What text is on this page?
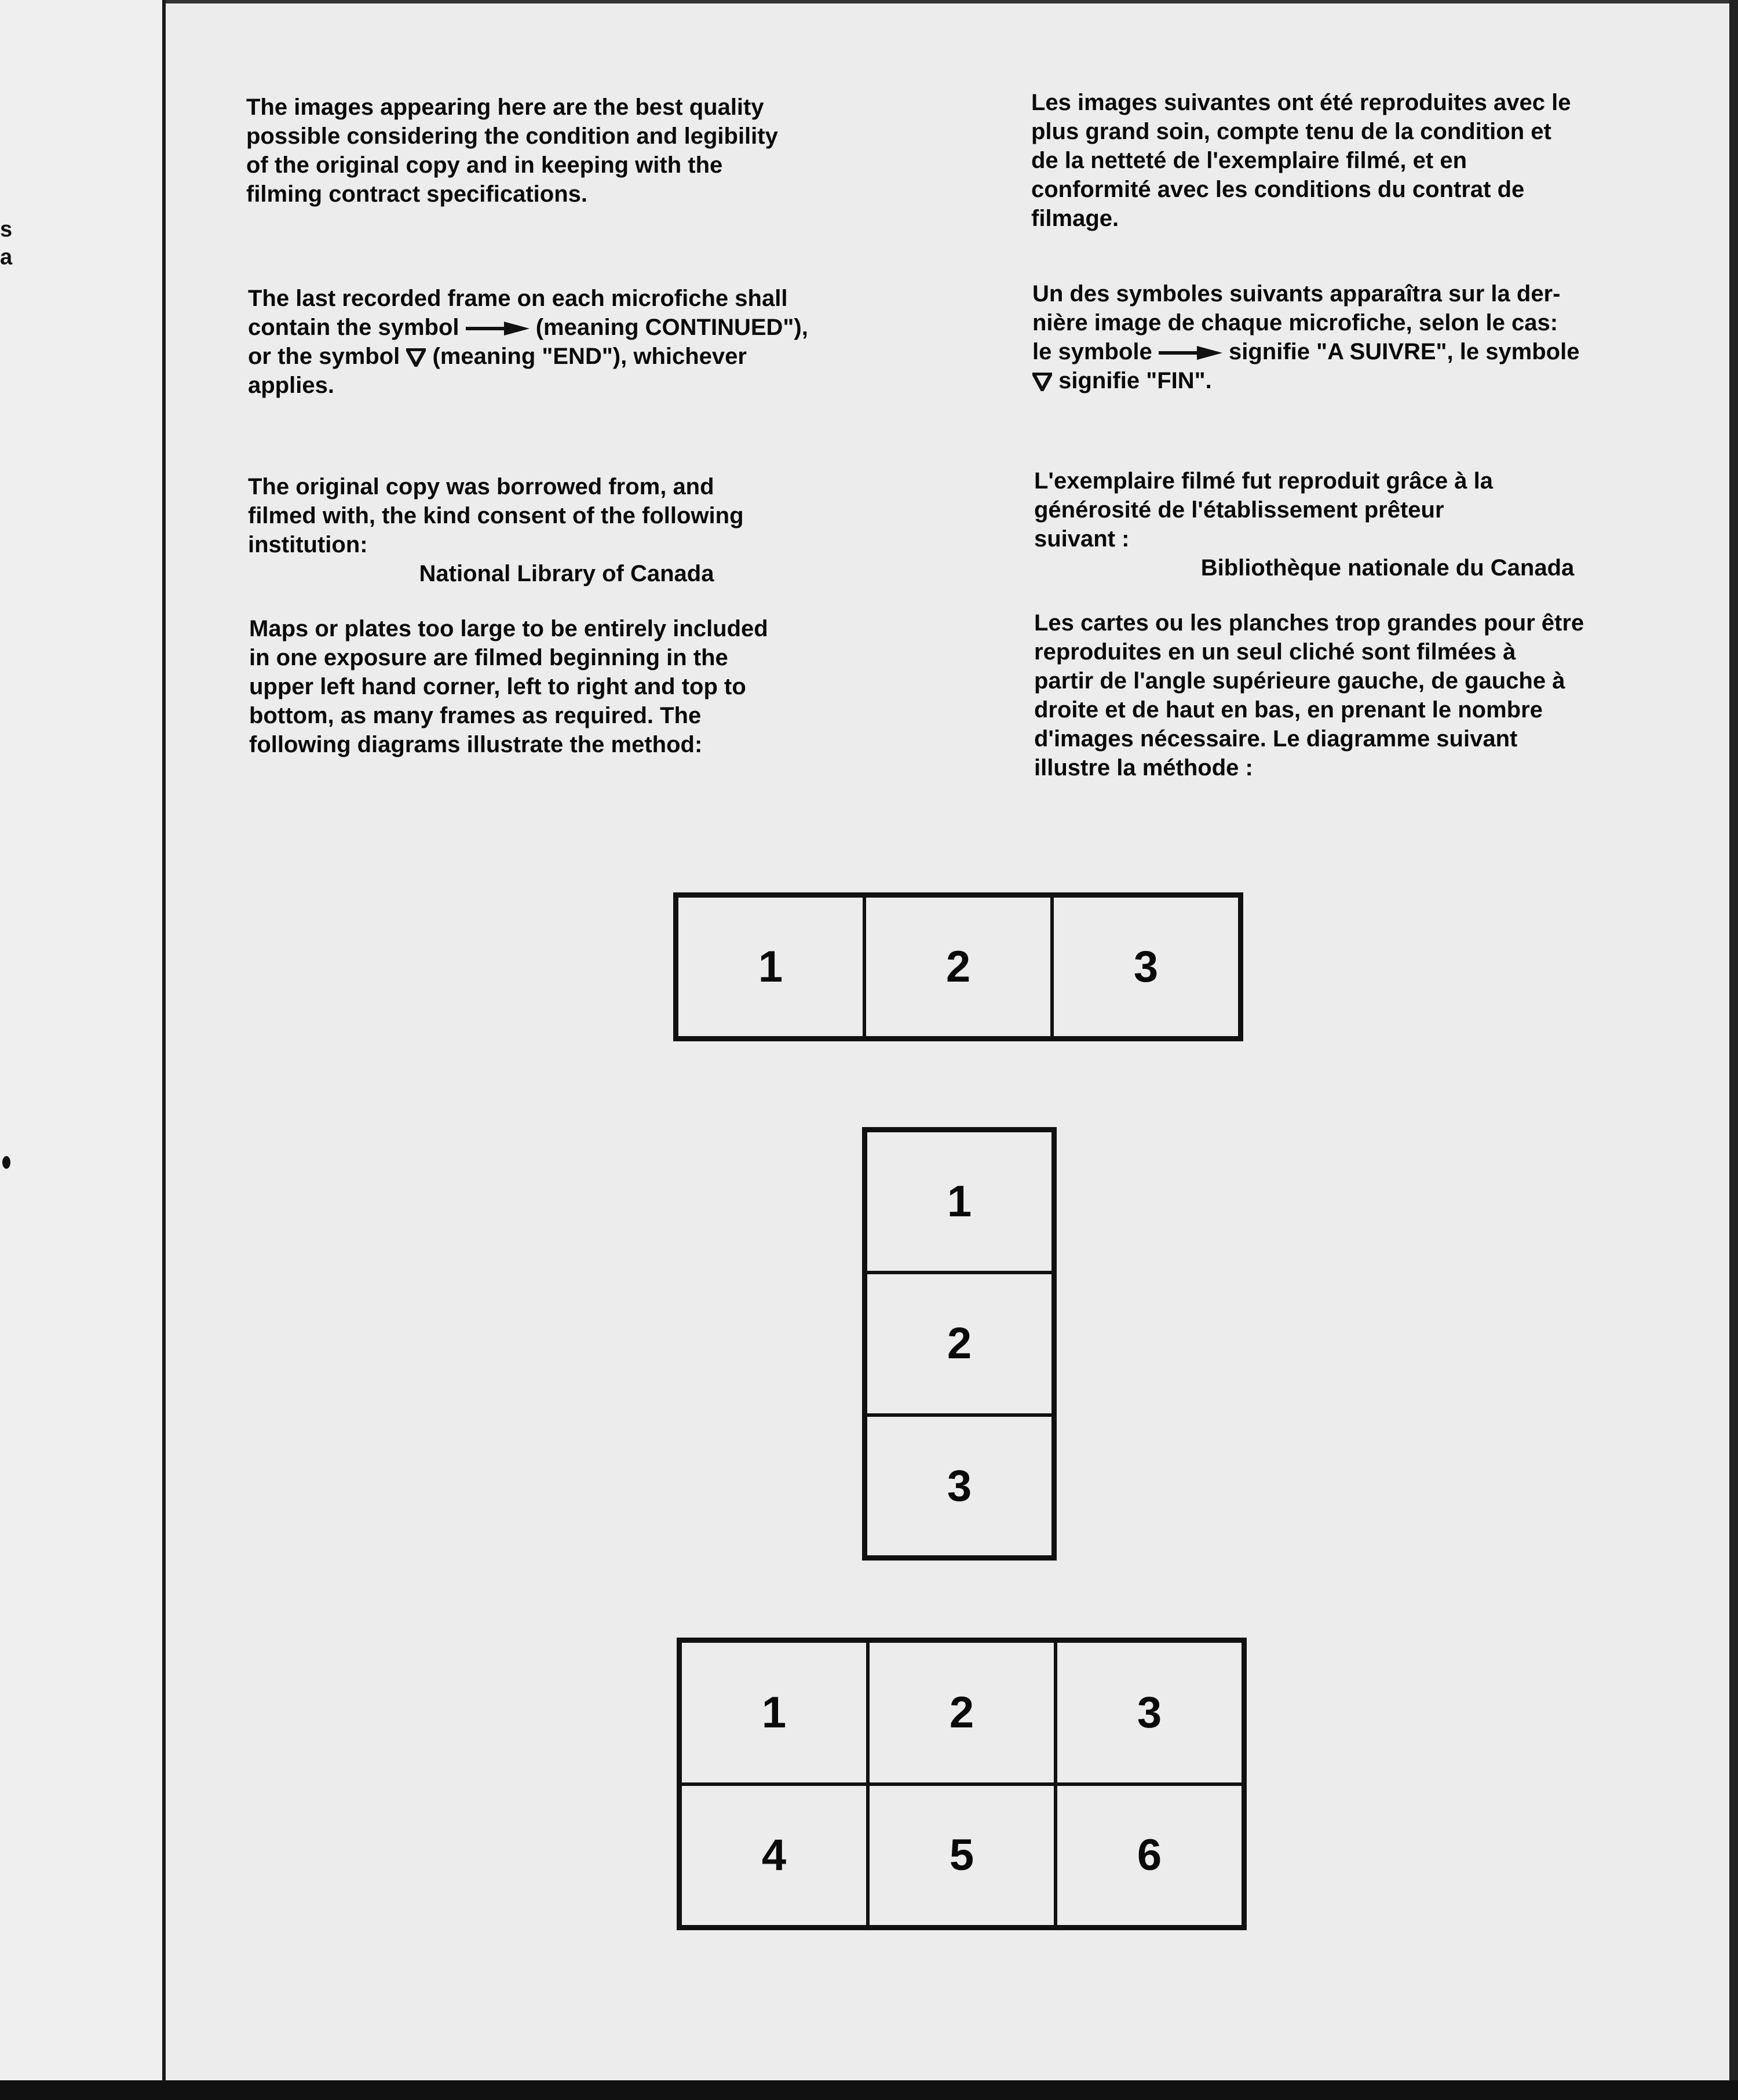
s
a
The images appearing here are the best quality
possible considering the condition and legibility
of the original copy and in keeping with the
filming contract specifications.
The last recorded frame on each microfiche shall
contain the symbol	(meaning CONTINUED"),
or the symbol
(meaning "END"), whichever
applies.

The original copy was borrowed from, and
filmed with, the kind consent of the following
institution:

National Library of Canada

Maps or plates too large to be entirely included
in one exposure are filmed beginning in the
upper left hand corner, left to right and top to
bottom, as many frames as required. The
following diagrams illustrate the method:
Les images suivantes ont été reproduites avec le
plus grand soin, compte tenu de la condition et
de la netteté de l'exemplaire filmé, et en
conformité avec les conditions du contrat de
filmage.
Un des symboles suivants apparaîtra sur la der-
nière image de chaque microfiche, selon le cas:
le symbole	signifie "A SUIVRE", le symbole

signifie "FIN".

L'exemplaire filmé fut reproduit grâce à la
générosité de l'établissement prêteur
suivant :

Bibliothèque nationale du Canada

Les cartes ou les planches trop grandes pour être
reproduites en un seul cliché sont filmées à
partir de l'angle supérieure gauche, de gauche à
droite et de haut en bas, en prenant le nombre
d'images nécessaire. Le diagramme suivant
illustre la méthode :
1	2	3
1
2
3
1	2	3
4	5	6
